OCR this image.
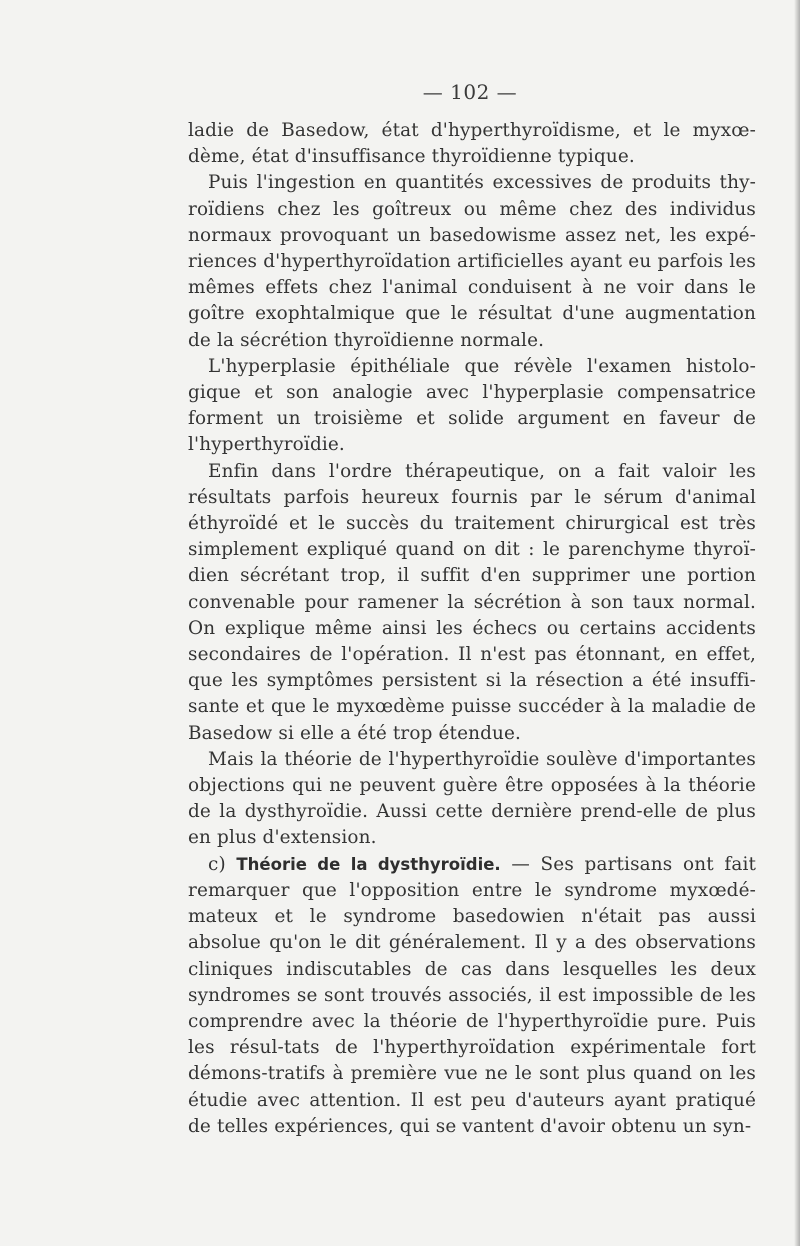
— 102 —

ladie de Basedow, état d'hyperthyroïdisme, et le myxœ-dème, état d'insuffisance thyroïdienne typique.

Puis l'ingestion en quantités excessives de produits thy-roïdiens chez les goîtreux ou même chez des individus normaux provoquant un basedowisme assez net, les expé-riences d'hyperthyroïdation artificielles ayant eu parfois les mêmes effets chez l'animal conduisent à ne voir dans le goître exophtalmique que le résultat d'une augmentation de la sécrétion thyroïdienne normale.

L'hyperplasie épithéliale que révèle l'examen histolo-gique et son analogie avec l'hyperplasie compensatrice forment un troisième et solide argument en faveur de l'hyperthyroïdie.

Enfin dans l'ordre thérapeutique, on a fait valoir les résultats parfois heureux fournis par le sérum d'animal éthyroïdé et le succès du traitement chirurgical est très simplement expliqué quand on dit : le parenchyme thyroï-dien sécrétant trop, il suffit d'en supprimer une portion convenable pour ramener la sécrétion à son taux normal. On explique même ainsi les échecs ou certains accidents secondaires de l'opération. Il n'est pas étonnant, en effet, que les symptômes persistent si la résection a été insuffi-sante et que le myxœdème puisse succéder à la maladie de Basedow si elle a été trop étendue.

Mais la théorie de l'hyperthyroïdie soulève d'importantes objections qui ne peuvent guère être opposées à la théorie de la dysthyroïdie. Aussi cette dernière prend-elle de plus en plus d'extension.

c) Théorie de la dysthyroïdie. — Ses partisans ont fait remarquer que l'opposition entre le syndrome myxœdé-mateux et le syndrome basedowien n'était pas aussi absolue qu'on le dit généralement. Il y a des observations cliniques indiscutables de cas dans lesquelles les deux syndromes se sont trouvés associés, il est impossible de les comprendre avec la théorie de l'hyperthyroïdie pure. Puis les résul-tats de l'hyperthyroïdation expérimentale fort démons-tratifs à première vue ne le sont plus quand on les étudie avec attention. Il est peu d'auteurs ayant pratiqué de telles expériences, qui se vantent d'avoir obtenu un syn-
